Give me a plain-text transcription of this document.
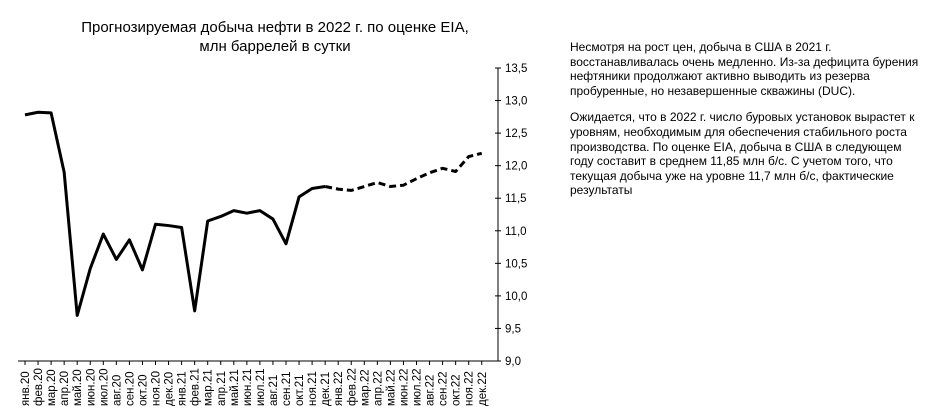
Прогнозируемая добыча нефти в 2022 г. по оценке EIA,
млн баррелей в сутки
9,0
9,5
10,0
10,5
11,0
11,5
12,0
12,5
13,0
13,5
янв.20 фев.20 мар.20 апр.20 май.20 июн.20 июл.20 авг.20 сен.20 окт.20 ноя.20 дек.20 янв.21 фев.21 мар.21 апр.21 май.21 июн.21 июл.21 авг.21 сен.21 окт.21 ноя.21 дек.21 янв.22 фев.22 мар.22 апр.22 май.22 июн.22 июл.22 авг.22 сен.22 окт.22 ноя.22 дек.22

Несмотря на рост цен, добыча в США в 2021 г. восстанавливалась очень медленно. Из-за дефицита бурения нефтяники продолжают активно выводить из резерва пробуренные, но незавершенные скважины (DUC).

Ожидается, что в 2022 г. число буровых установок вырастет к уровням, необходимым для обеспечения стабильного роста производства. По оценке EIA, добыча в США в следующем году составит в среднем 11,85 млн б/с. С учетом того, что текущая добыча уже на уровне 11,7 млн б/с, фактические результаты
